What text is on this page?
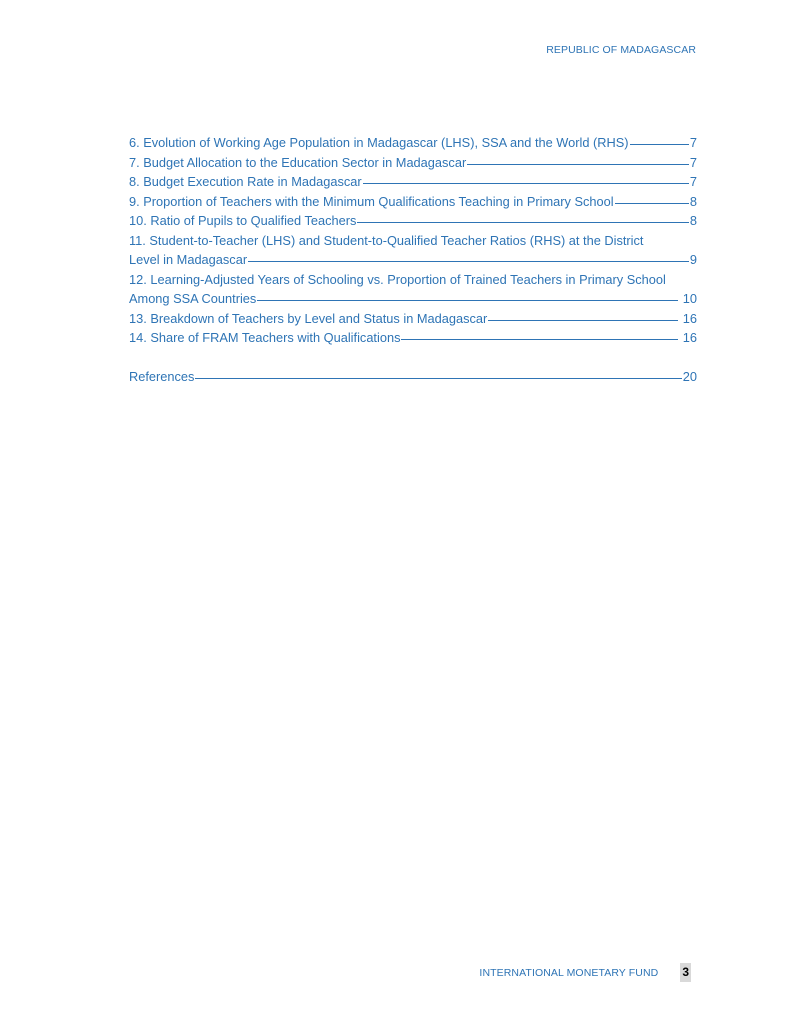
REPUBLIC OF MADAGASCAR
6. Evolution of Working Age Population in Madagascar (LHS), SSA and the World (RHS)	7
7. Budget Allocation to the Education Sector in Madagascar	7
8. Budget Execution Rate in Madagascar	7
9. Proportion of Teachers with the Minimum Qualifications Teaching in Primary School	8
10. Ratio of Pupils to Qualified Teachers	8
11. Student-to-Teacher (LHS) and Student-to-Qualified Teacher Ratios (RHS) at the District
Level in Madagascar	9
12. Learning-Adjusted Years of Schooling vs. Proportion of Trained Teachers in Primary School
Among SSA Countries	10
13. Breakdown of Teachers by Level and Status in Madagascar	16
14. Share of FRAM Teachers with Qualifications	16
References	20
INTERNATIONAL MONETARY FUND 3
